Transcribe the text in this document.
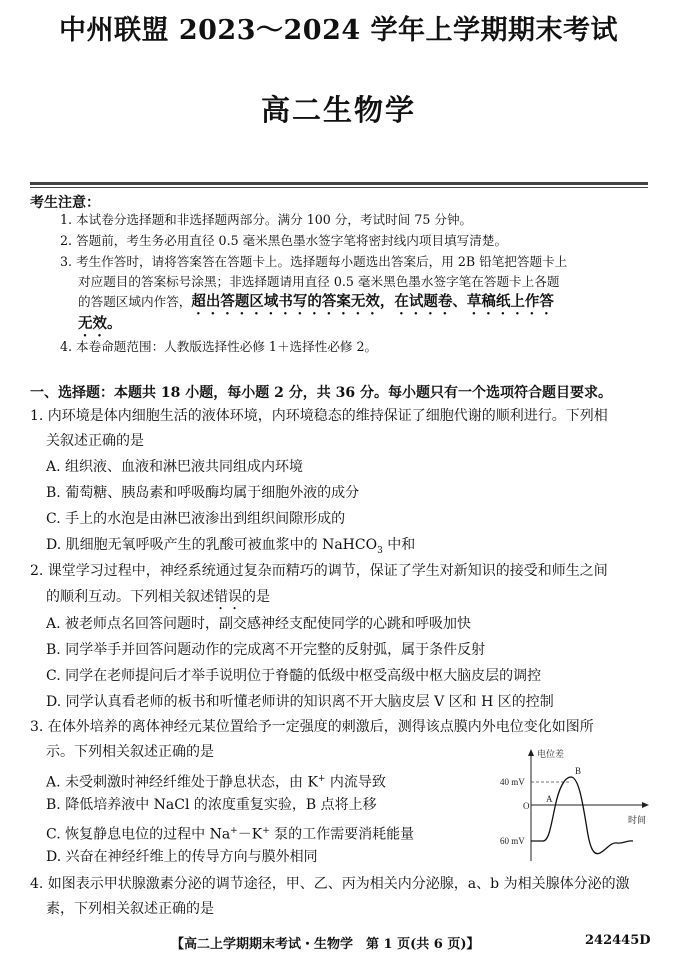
中州联盟 2023～2024 学年上学期期末考试
高二生物学
考生注意：
1. 本试卷分选择题和非选择题两部分。满分 100 分，考试时间 75 分钟。
2. 答题前，考生务必用直径 0.5 毫米黑色墨水签字笔将密封线内项目填写清楚。
3. 考生作答时，请将答案答在答题卡上。选择题每小题选出答案后，用 2B 铅笔把答题卡上
对应题目的答案标号涂黑；非选择题请用直径 0.5 毫米黑色墨水签字笔在答题卡上各题
的答题区域内作答，超出答题区域书写的答案无效，在试题卷、草稿纸上作答
无效。
4. 本卷命题范围：人教版选择性必修 1＋选择性必修 2。
一、选择题：本题共 18 小题，每小题 2 分，共 36 分。每小题只有一个选项符合题目要求。
1. 内环境是体内细胞生活的液体环境，内环境稳态的维持保证了细胞代谢的顺利进行。下列相
关叙述正确的是
A. 组织液、血液和淋巴液共同组成内环境
B. 葡萄糖、胰岛素和呼吸酶均属于细胞外液的成分
C. 手上的水泡是由淋巴液渗出到组织间隙形成的
D. 肌细胞无氧呼吸产生的乳酸可被血浆中的 NaHCO$_3$ 中和
2. 课堂学习过程中，神经系统通过复杂而精巧的调节，保证了学生对新知识的接受和师生之间
的顺利互动。下列相关叙述错误的是
A. 被老师点名回答问题时，副交感神经支配使同学的心跳和呼吸加快
B. 同学举手并回答问题动作的完成离不开完整的反射弧，属于条件反射
C. 同学在老师提问后才举手说明位于脊髓的低级中枢受高级中枢大脑皮层的调控
D. 同学认真看老师的板书和听懂老师讲的知识离不开大脑皮层 V 区和 H 区的控制
3. 在体外培养的离体神经元某位置给予一定强度的刺激后，测得该点膜内外电位变化如图所
示。下列相关叙述正确的是
A. 未受刺激时神经纤维处于静息状态，由 K+ 内流导致
B. 降低培养液中 NaCl 的浓度重复实验，B 点将上移
C. 恢复静息电位的过程中 Na+－K+ 泵的工作需要消耗能量
D. 兴奋在神经纤维上的传导方向与膜外相同
电位差
时间
40 mV
O
60 mV
A
B
4. 如图表示甲状腺激素分泌的调节途径，甲、乙、丙为相关内分泌腺，a、b 为相关腺体分泌的激
素，下列相关叙述正确的是
【高二上学期期末考试・生物学　第 1 页(共 6 页)】	242445D
